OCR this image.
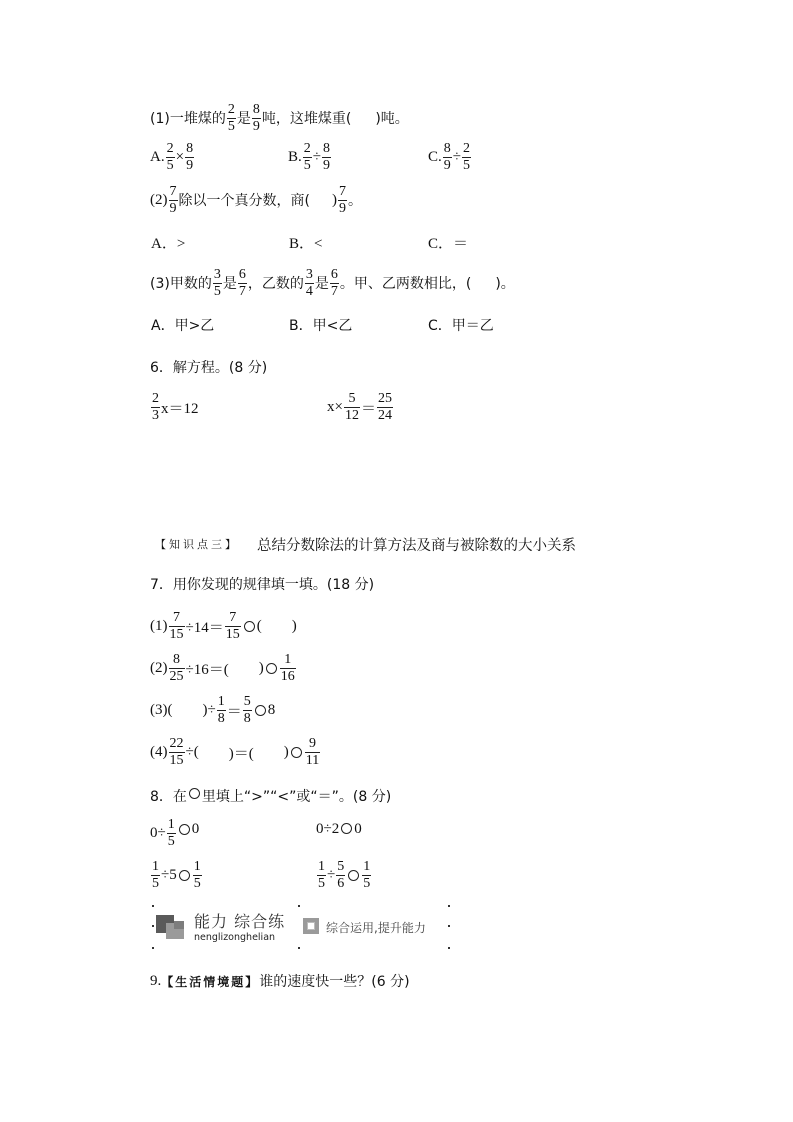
(1)一堆煤的 $\frac{2}{5}$ 是 $\frac{8}{9}$ 吨，这堆煤重( )吨。
A. $\frac{2}{5} \times \frac{8}{9}$	B. $\frac{2}{5} \div \frac{8}{9}$	C. $\frac{8}{9} \div \frac{2}{5}$
$(2) \frac{7}{9}$ 除以一个真分数，商( ) $\frac{7}{9}$ 。
A．>	B．<	C．＝
(3)甲数的 $\frac{3}{5}$ 是 $\frac{6}{7}$ ，乙数的 $\frac{3}{4}$ 是 $\frac{6}{7}$ 。甲、乙两数相比，( )。
A．甲>乙	B．甲<乙	C．甲＝乙
6．解方程。(8 分)
$\frac{2}{3} x=12$	$x\times \frac{5}{12} = \frac{25}{24}$
【知识点三】 总结分数除法的计算方法及商与被除数的大小关系
7．用你发现的规律填一填。(18 分)
$(1) \frac{7}{15} \div 14= \frac{7}{15}$ ( )
$(2) \frac{8}{25} \div 16=$( ) $\frac{1}{16}$
(3)( )÷ $\frac{1}{8} = \frac{5}{8} 8$
$(4) \frac{22}{15}$ ÷( )＝( ) $\frac{9}{11}$
8．在 里填上“>”“<”或“＝”。(8 分)
$0\div \frac{1}{5} 0$	0÷2 0
$\frac{1}{5} \div 5 \frac{1}{5}$	$\frac{1}{5} \div \frac{5}{6} \frac{1}{5}$
能力 综合练
nenglizonghelian
综合运用,提升能力
9. 【生活情境题】 谁的速度快一些？(6 分)
